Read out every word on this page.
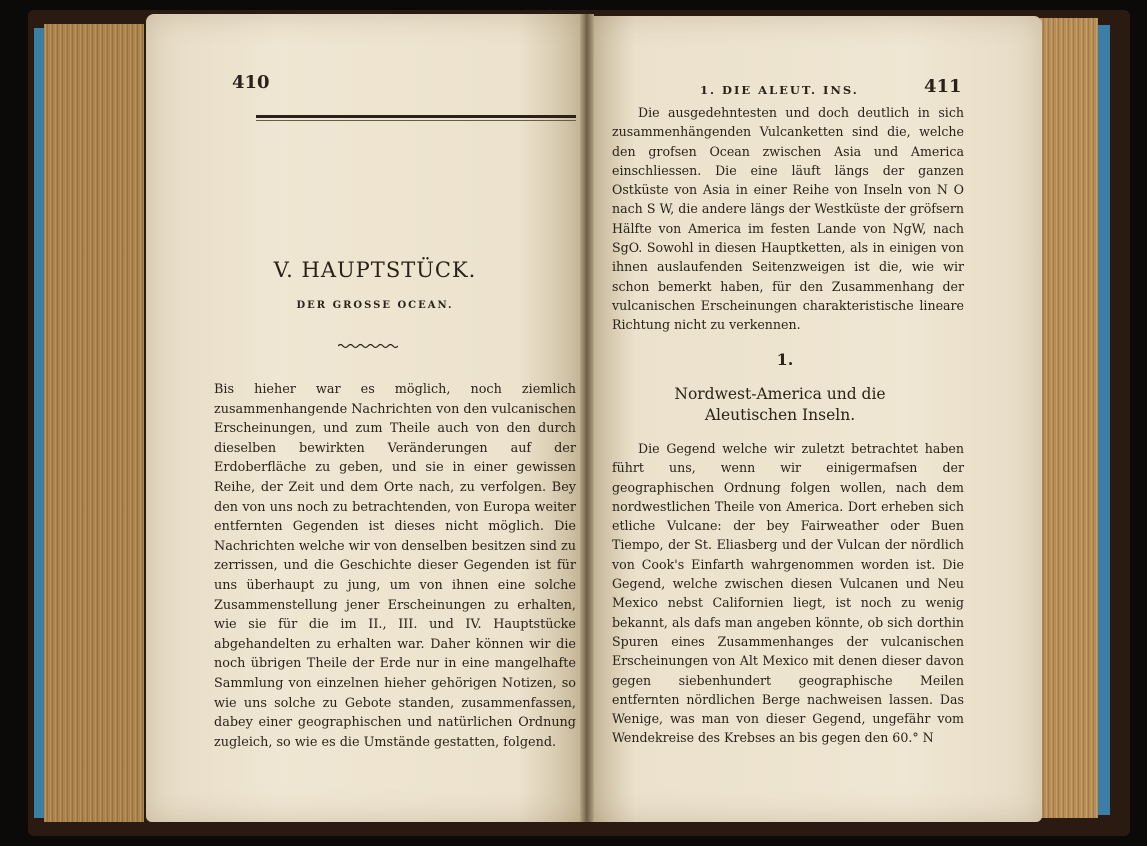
410
V. HAUPTSTÜCK.
DER GROSSE OCEAN.

Bis hieher war es möglich, noch ziemlich zusammenhangende Nachrichten von den vulcanischen Erscheinungen, und zum Theile auch von den durch dieselben bewirkten Veränderungen auf der Erdoberfläche zu geben, und sie in einer gewissen Reihe, der Zeit und dem Orte nach, zu verfolgen. Bey den von uns noch zu betrachtenden, von Europa weiter entfernten Gegenden ist dieses nicht möglich. Die Nachrichten welche wir von denselben besitzen sind zu zerrissen, und die Geschichte dieser Gegenden ist für uns überhaupt zu jung, um von ihnen eine solche Zusammenstellung jener Erscheinungen zu erhalten, wie sie für die im II., III. und IV. Hauptstücke abgehandelten zu erhalten war. Daher können wir die noch übrigen Theile der Erde nur in eine mangelhafte Sammlung von einzelnen hieher gehörigen Notizen, so wie uns solche zu Gebote standen, zusammenfassen, dabey einer geographischen und natürlichen Ordnung zugleich, so wie es die Umstände gestatten, folgend.

1. DIE ALEUT. INS.	411

Die ausgedehntesten und doch deutlich in sich zusammenhängenden Vulcanketten sind die, welche den grofsen Ocean zwischen Asia und America einschliessen. Die eine läuft längs der ganzen Ostküste von Asia in einer Reihe von Inseln von N O nach S W, die andere längs der Westküste der gröfsern Hälfte von America im festen Lande von NgW, nach SgO. Sowohl in diesen Hauptketten, als in einigen von ihnen auslaufenden Seitenzweigen ist die, wie wir schon bemerkt haben, für den Zusammenhang der vulcanischen Erscheinungen charakteristische lineare Richtung nicht zu verkennen.

1.
Nordwest-America und die Aleutischen Inseln.

Die Gegend welche wir zuletzt betrachtet haben führt uns, wenn wir einigermafsen der geographischen Ordnung folgen wollen, nach dem nordwestlichen Theile von America. Dort erheben sich etliche Vulcane: der bey Fairweather oder Buen Tiempo, der St. Eliasberg und der Vulcan der nördlich von Cook's Einfarth wahrgenommen worden ist. Die Gegend, welche zwischen diesen Vulcanen und Neu Mexico nebst Californien liegt, ist noch zu wenig bekannt, als dafs man angeben könnte, ob sich dorthin Spuren eines Zusammenhanges der vulcanischen Erscheinungen von Alt Mexico mit denen dieser davon gegen siebenhundert geographische Meilen entfernten nördlichen Berge nachweisen lassen. Das Wenige, was man von dieser Gegend, ungefähr vom Wendekreise des Krebses an bis gegen den 60.° N
